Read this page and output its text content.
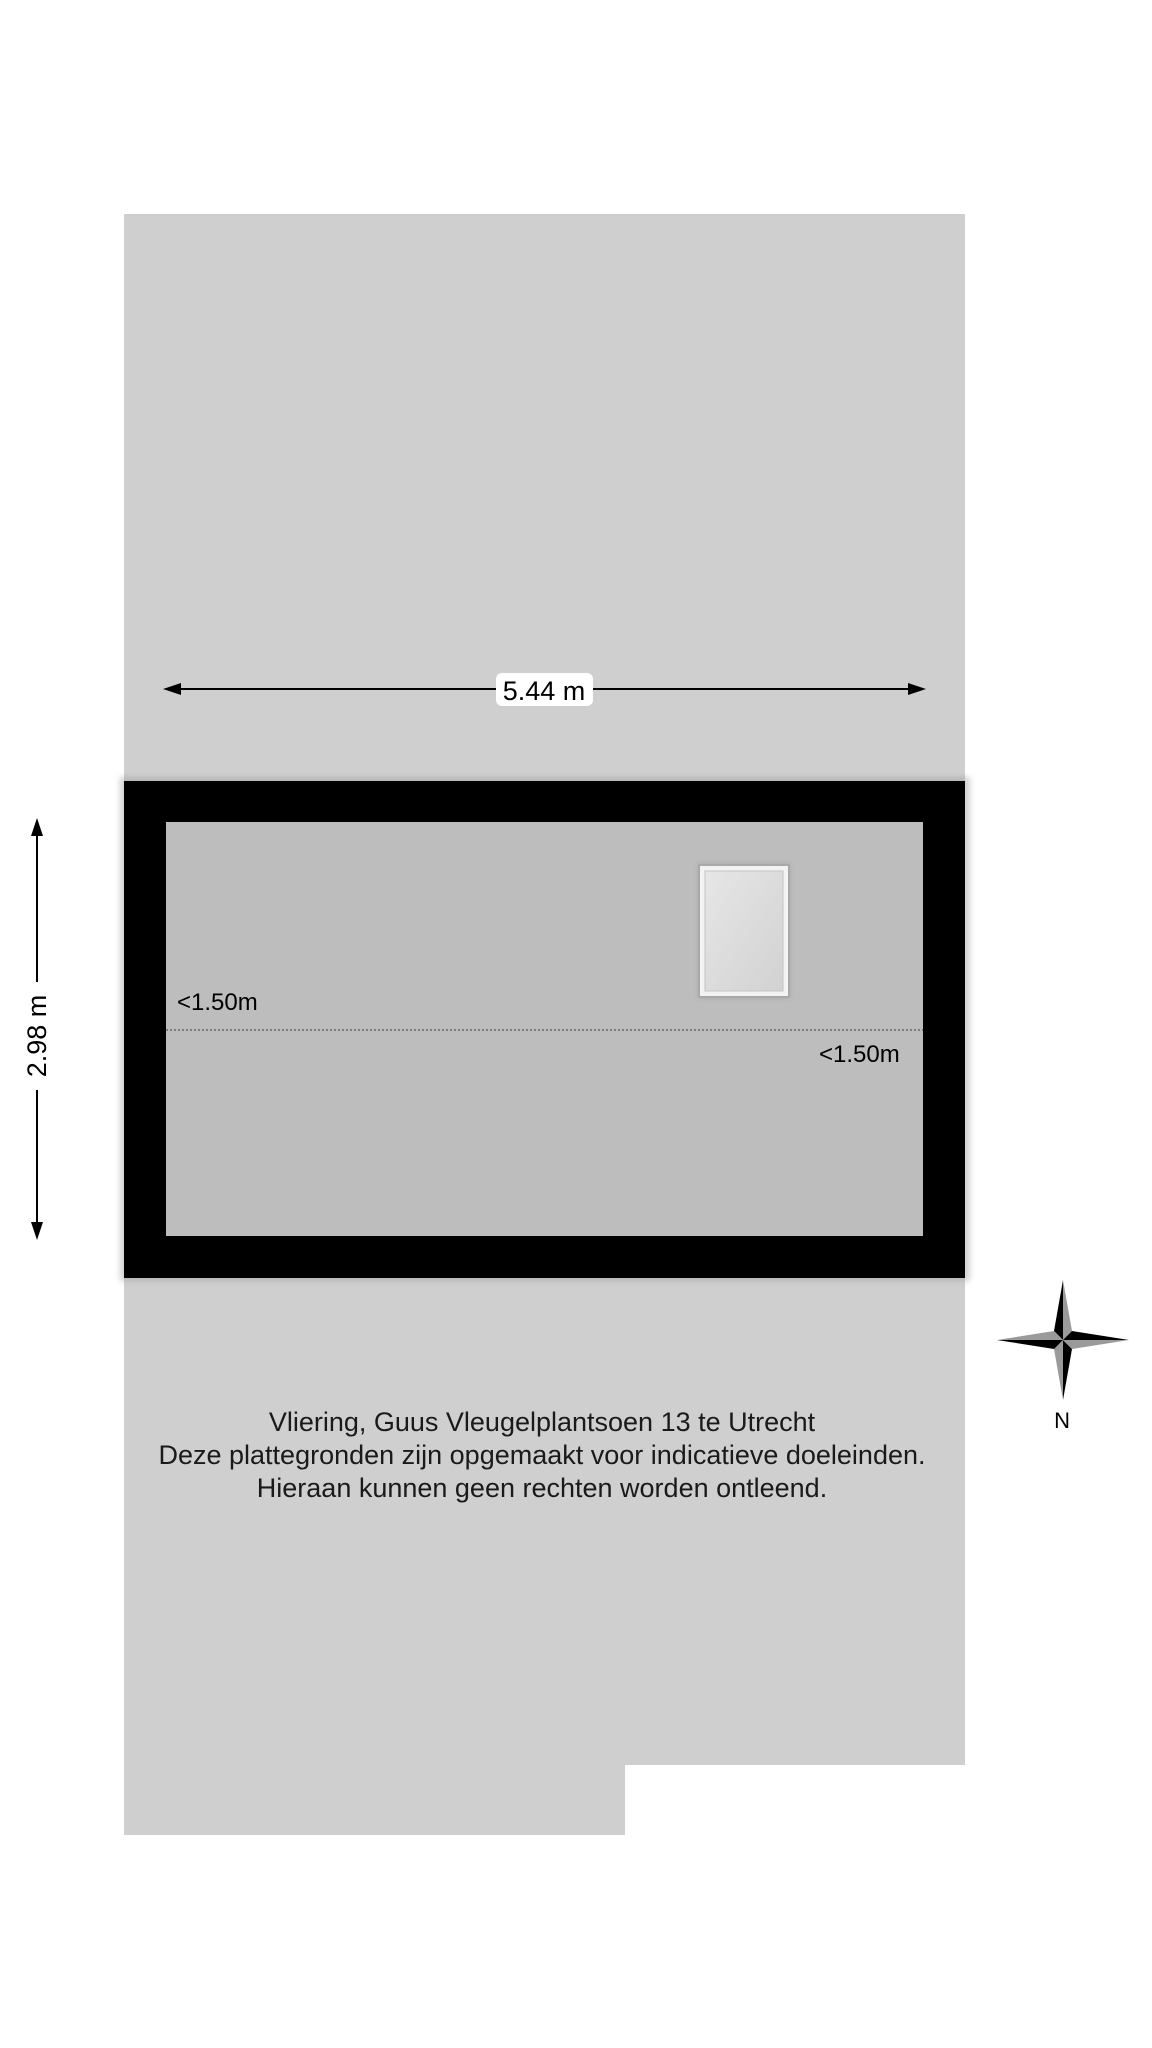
<1.50m
<1.50m
5.44 m
2.98 m
N
Vliering, Guus Vleugelplantsoen 13 te Utrecht
Deze plattegronden zijn opgemaakt voor indicatieve doeleinden.
Hieraan kunnen geen rechten worden ontleend.
